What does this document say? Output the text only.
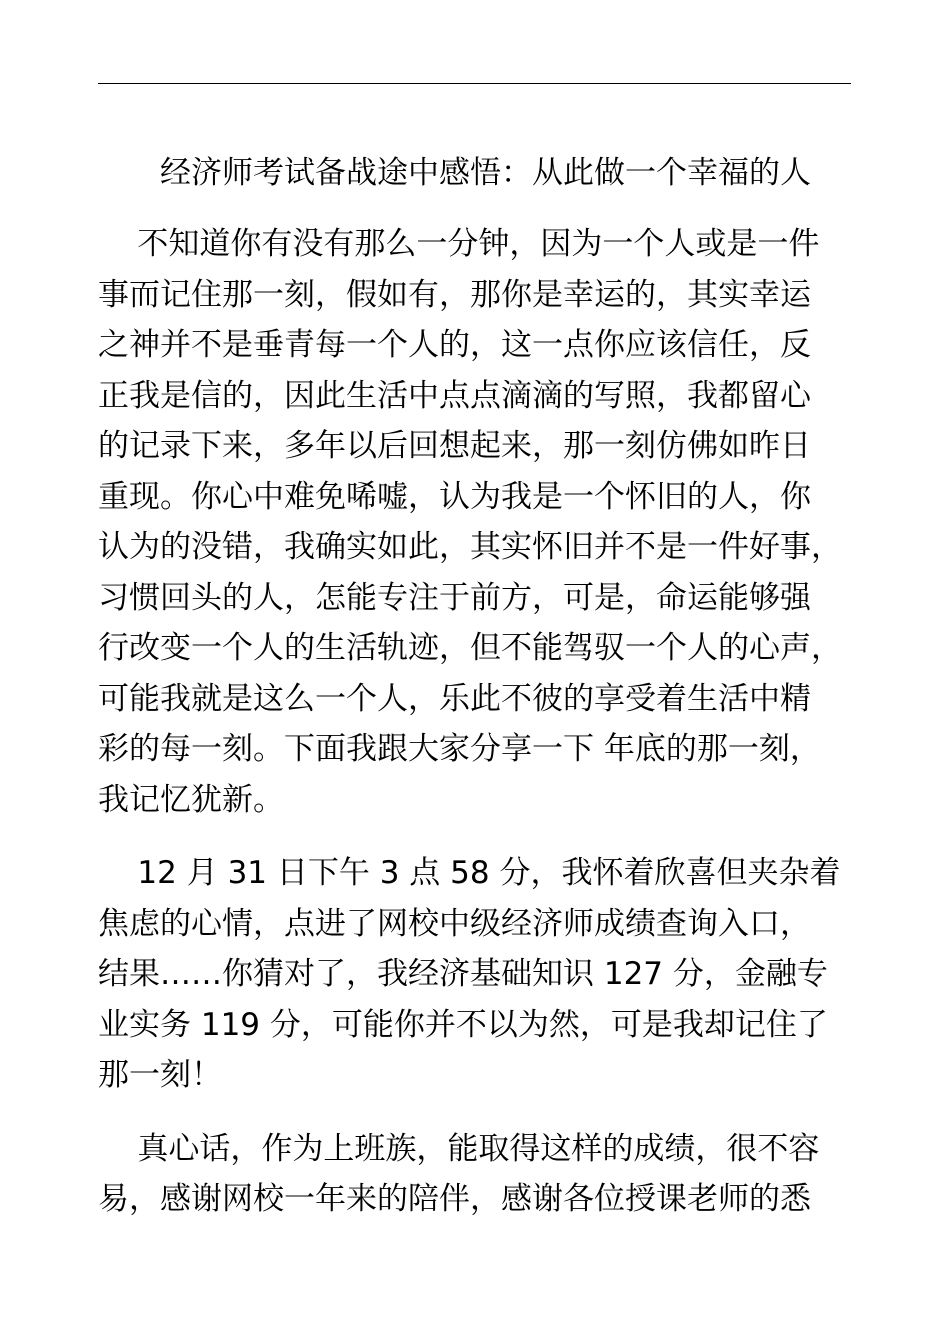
经济师考试备战途中感悟：从此做一个幸福的人

不知道你有没有那么一分钟，因为一个人或是一件
事而记住那一刻，假如有，那你是幸运的，其实幸运
之神并不是垂青每一个人的，这一点你应该信任，反
正我是信的，因此生活中点点滴滴的写照，我都留心
的记录下来，多年以后回想起来，那一刻仿佛如昨日
重现。你心中难免唏嘘，认为我是一个怀旧的人，你
认为的没错，我确实如此，其实怀旧并不是一件好事，
习惯回头的人，怎能专注于前方，可是，命运能够强
行改变一个人的生活轨迹，但不能驾驭一个人的心声，
可能我就是这么一个人，乐此不彼的享受着生活中精
彩的每一刻。下面我跟大家分享一下 年底的那一刻，
我记忆犹新。

12 月 31 日下午 3 点 58 分，我怀着欣喜但夹杂着
焦虑的心情，点进了网校中级经济师成绩查询入口，
结果……你猜对了，我经济基础知识 127 分，金融专
业实务 119 分，可能你并不以为然，可是我却记住了
那一刻！

真心话，作为上班族，能取得这样的成绩，很不容
易，感谢网校一年来的陪伴，感谢各位授课老师的悉
